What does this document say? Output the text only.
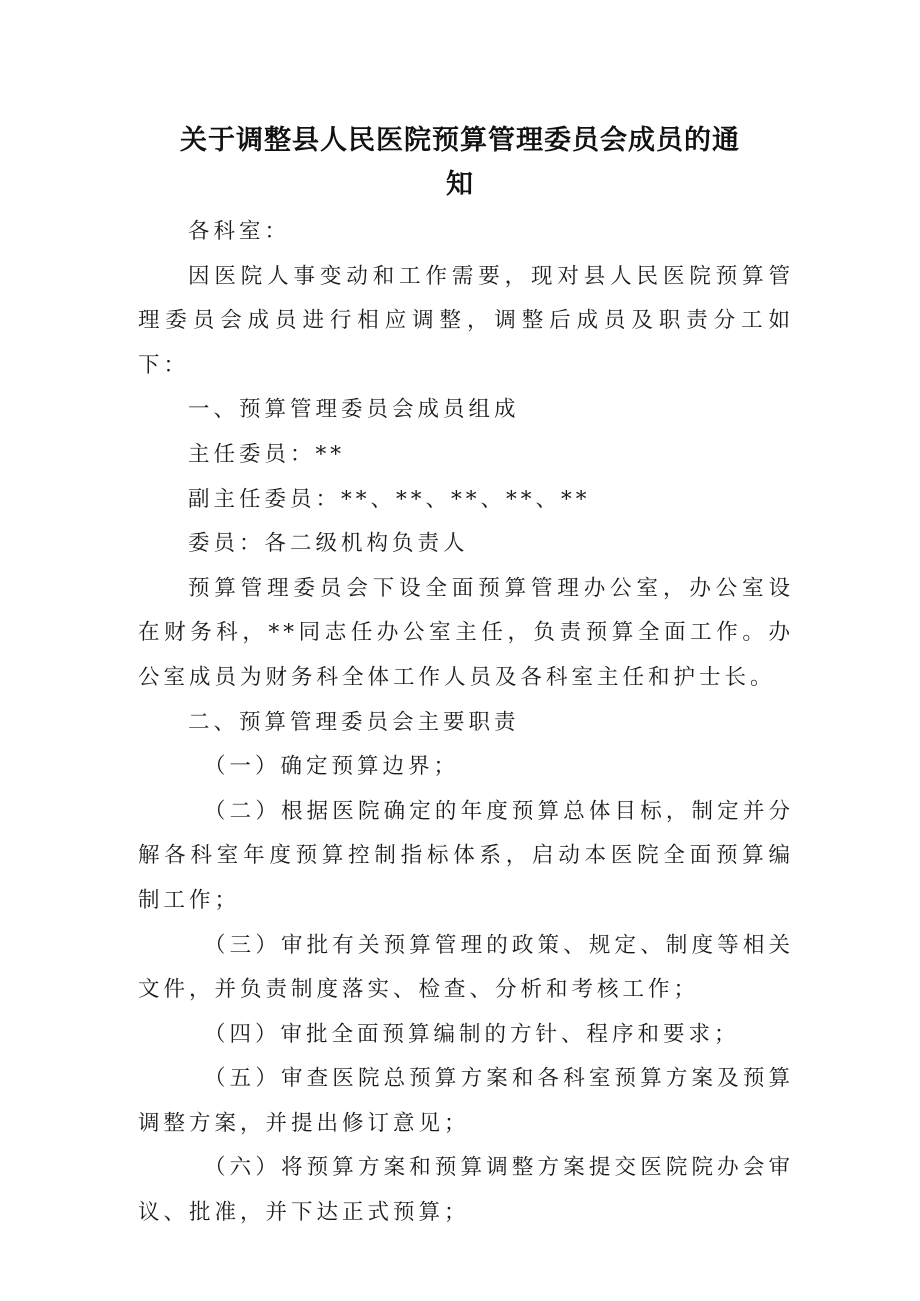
关于调整县人民医院预算管理委员会成员的通
知

各科室：

因医院人事变动和工作需要，现对县人民医院预算管理委员会成员进行相应调整，调整后成员及职责分工如下：

一、预算管理委员会成员组成

主任委员：**

副主任委员：**、**、**、**、**

委员：各二级机构负责人

预算管理委员会下设全面预算管理办公室，办公室设在财务科，**同志任办公室主任，负责预算全面工作。办公室成员为财务科全体工作人员及各科室主任和护士长。

二、预算管理委员会主要职责

（一）确定预算边界；

（二）根据医院确定的年度预算总体目标，制定并分解各科室年度预算控制指标体系，启动本医院全面预算编制工作；

（三）审批有关预算管理的政策、规定、制度等相关文件，并负责制度落实、检查、分析和考核工作；

（四）审批全面预算编制的方针、程序和要求；

（五）审查医院总预算方案和各科室预算方案及预算调整方案，并提出修订意见；

（六）将预算方案和预算调整方案提交医院院办会审议、批准，并下达正式预算；
